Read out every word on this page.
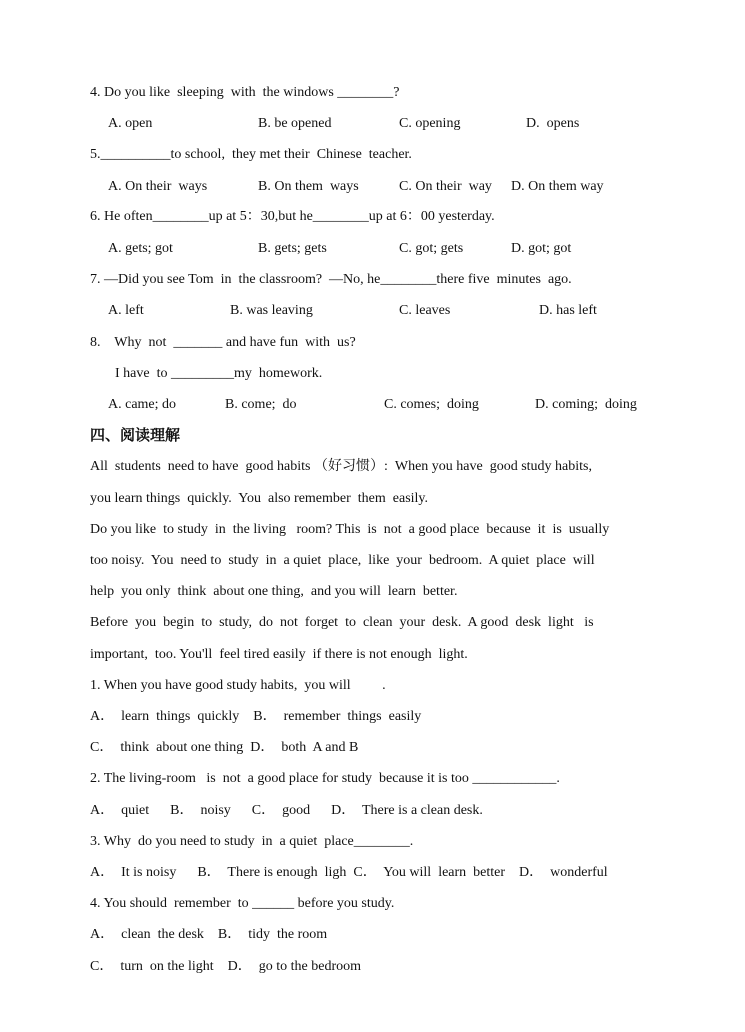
4. Do you like  sleeping  with  the windows ________?
A. open	B. be opened	C. opening	D.  opens
5.__________to school,  they met their  Chinese  teacher.
A. On their  ways	B. On them  ways	C. On their  way D. On them way
6. He often________up at 5：30,but he________up at 6：00 yesterday.
A. gets; got	B. gets; gets	C. got; gets	D. got; got
7. —Did you see Tom  in  the classroom?  —No, he________there five  minutes  ago.
A. left	B. was leaving	C. leaves	D. has left
8.    Why  not  _______ and have fun  with  us?
I have  to _________my  homework.
A. came; do	B. come;  do	C. comes;  doing	D. coming;  doing
四、阅读理解
All  students  need to have  good habits （好习惯）:  When you have  good study habits,
you learn things  quickly.  You  also remember  them  easily.
Do you like  to study  in  the living   room? This  is  not  a good place  because  it  is  usually
too noisy.  You  need to  study  in  a quiet  place,  like  your  bedroom.  A quiet  place  will
help  you only  think  about one thing,  and you will  learn  better.
Before  you  begin  to  study,  do  not  forget  to  clean  your  desk.  A good  desk  light   is
important,  too. You'll  feel tired easily  if there is not enough  light.
1. When you have good study habits,  you will         .
A．  learn  things  quickly    B．  remember  things  easily
C．  think  about one thing  D．  both  A and B
2. The living-room   is  not  a good place for study  because it is too ____________.
A．  quiet      B．  noisy      C．  good      D．  There is a clean desk.
3. Why  do you need to study  in  a quiet  place________.
A．  It is noisy      B．  There is enough  ligh  C．  You will  learn  better    D．  wonderful
4. You should  remember  to ______ before you study.
A．  clean  the desk    B．  tidy  the room
C．  turn  on the light    D．  go to the bedroom
